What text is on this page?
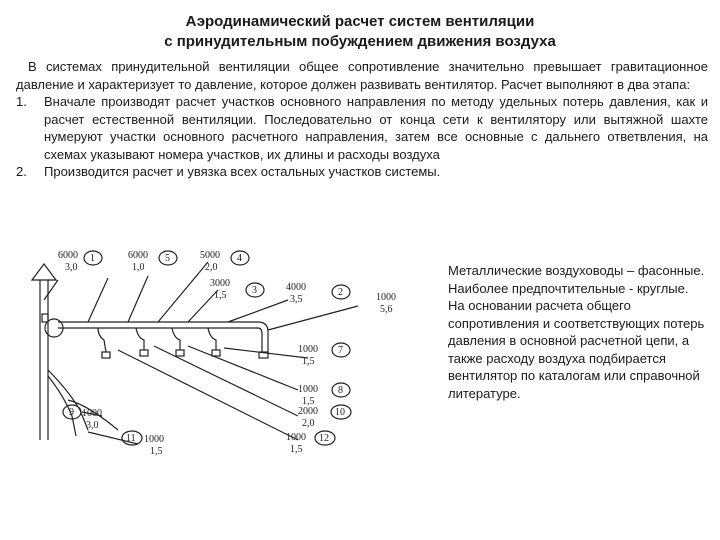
Аэродинамический расчет систем вентиляции
с принудительным побуждением движения воздуха

В системах принудительной вентиляции общее сопротивление значительно превышает гравитационное давление и характеризует то давление, которое должен развивать вентилятор. Расчет выполняют в два этапа:

1. Вначале производят расчет участков основного направления по методу удельных потерь давления, как и расчет естественной вентиляции. Последовательно от конца сети к вентилятору или вытяжной шахте нумеруют участки основного расчетного направления, затем все основные с дальнего ответвления, на схемах указывают номера участков, их длины и расходы воздуха
2. Производится расчет и увязка всех остальных участков системы.
6000
3,0
1	6000
1,0
5	5000
2,0
4
3000
1,5	3	4000
3,5
2	1000
5,6
1000
1,5
7
1000
1,5
8
2000
2,0
10
1000
3,0
9
1000
1,5
12
1000
1,5
11

Металлические воздуховоды – фасонные.

Наиболее предпочтительные - круглые.

На основании расчета общего сопротивления и соответствующих потерь давления в основной расчетной цепи, а также расходу воздуха подбирается вентилятор по каталогам или справочной литературе.
